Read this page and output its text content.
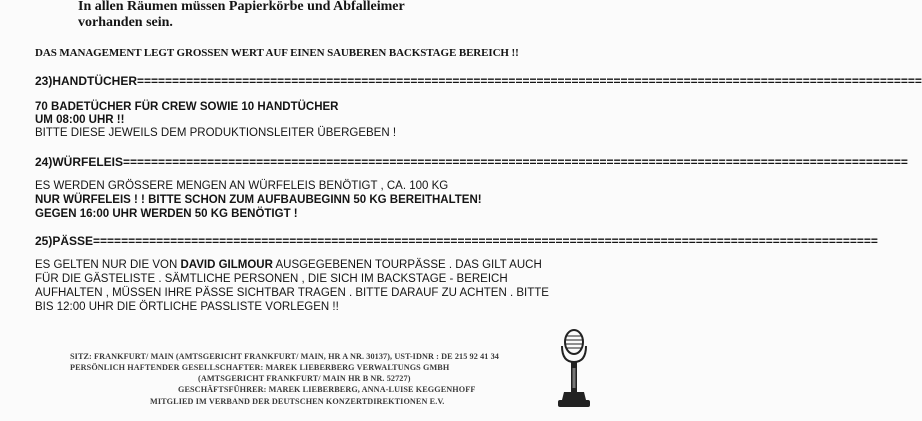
In allen Räumen müssen Papierkörbe und Abfalleimer

vorhanden sein.

DAS MANAGEMENT LEGT GROSSEN WERT AUF EINEN SAUBEREN BACKSTAGE BEREICH !!

23)HANDTÜCHER================================================================================================================

70 BADETÜCHER FÜR CREW SOWIE 10 HANDTÜCHER

UM 08:00 UHR !!

BITTE DIESE JEWEILS DEM PRODUKTIONSLEITER ÜBERGEBEN !

24)WÜRFELEIS================================================================================================================

ES WERDEN GRÖSSERE MENGEN AN WÜRFELEIS BENÖTIGT , CA. 100 KG

NUR WÜRFELEIS ! ! BITTE SCHON ZUM AUFBAUBEGINN 50 KG BEREITHALTEN!

GEGEN 16:00 UHR WERDEN 50 KG BENÖTIGT !

25)PÄSSE================================================================================================================

ES GELTEN NUR DIE VON DAVID GILMOUR AUSGEGEBENEN TOURPÄSSE . DAS GILT AUCH

FÜR DIE GÄSTELISTE . SÄMTLICHE PERSONEN , DIE SICH IM BACKSTAGE - BEREICH

AUFHALTEN , MÜSSEN IHRE PÄSSE SICHTBAR TRAGEN . BITTE DARAUF ZU ACHTEN . BITTE

BIS 12:00 UHR DIE ÖRTLICHE PASSLISTE VORLEGEN !!

SITZ: FRANKFURT/ MAIN (AMTSGERICHT FRANKFURT/ MAIN, HR A NR. 30137), UST-IDNR : DE 215 92 41 34
PERSÖNLICH HAFTENDER GESELLSCHAFTER: MAREK LIEBERBERG VERWALTUNGS GMBH
(AMTSGERICHT FRANKFURT/ MAIN HR B NR. 52727)
GESCHÄFTSFÜHRER: MAREK LIEBERBERG, ANNA-LUISE KEGGENHOFF
MITGLIED IM VERBAND DER DEUTSCHEN KONZERTDIREKTIONEN E.V.
